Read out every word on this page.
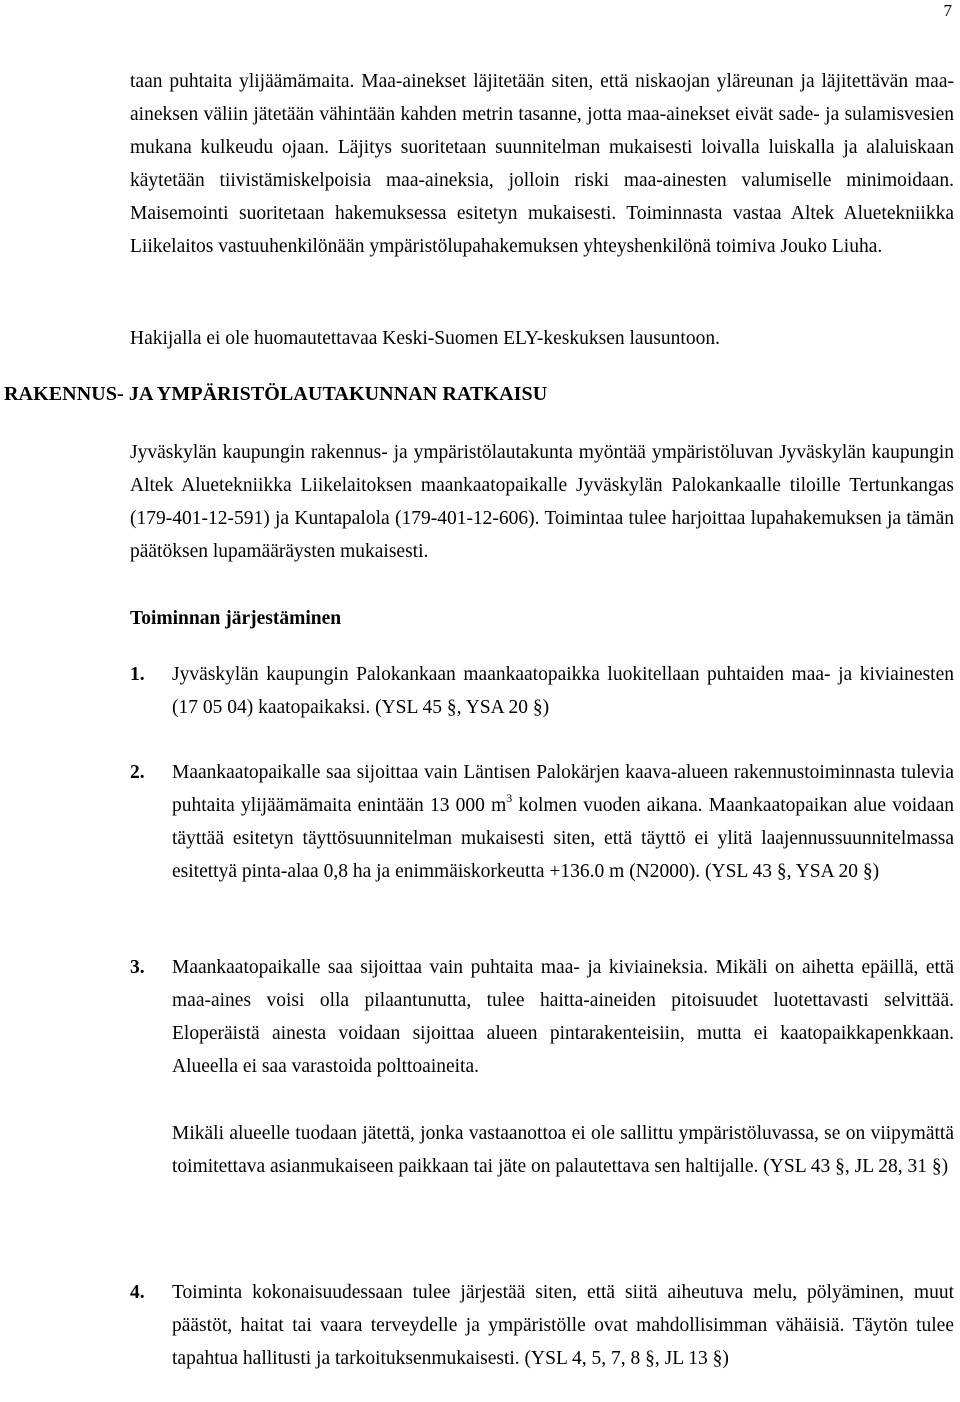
7

taan puhtaita ylijäämämaita. Maa-ainekset läjitetään siten, että niskaojan yläreunan ja läjitettävän maa-aineksen väliin jätetään vähintään kahden metrin tasanne, jotta maa-ainekset eivät sade- ja sulamisvesien mukana kulkeudu ojaan. Läjitys suoritetaan suunnitelman mukaisesti loivalla luiskalla ja alaluiskaan käytetään tiivistämiskelpoisia maa-aineksia, jolloin riski maa-ainesten valumiselle minimoidaan. Maisemointi suoritetaan hakemuksessa esitetyn mukaisesti. Toiminnasta vastaa Altek Aluetekniikka Liikelaitos vastuuhenkilönään ympäristölupahakemuksen yhteyshenkilönä toimiva Jouko Liuha.

Hakijalla ei ole huomautettavaa Keski-Suomen ELY-keskuksen lausuntoon.

RAKENNUS- JA YMPÄRISTÖLAUTAKUNNAN RATKAISU

Jyväskylän kaupungin rakennus- ja ympäristölautakunta myöntää ympäristöluvan Jyväskylän kaupungin Altek Aluetekniikka Liikelaitoksen maankaatopaikalle Jyväskylän Palokankaalle tiloille Tertunkangas (179-401-12-591) ja Kuntapalola (179-401-12-606). Toimintaa tulee harjoittaa lupahakemuksen ja tämän päätöksen lupamääräysten mukaisesti.

Toiminnan järjestäminen
1.	Jyväskylän kaupungin Palokankaan maankaatopaikka luokitellaan puhtaiden maa- ja kiviainesten (17 05 04) kaatopaikaksi. (YSL 45 §, YSA 20 §)

2.	Maankaatopaikalle saa sijoittaa vain Läntisen Palokärjen kaava-alueen rakennustoiminnasta tulevia puhtaita ylijäämämaita enintään 13 000 $m^3$ kolmen vuoden aikana. Maankaatopaikan alue voidaan täyttää esitetyn täyttösuunnitelman mukaisesti siten, että täyttö ei ylitä laajennussuunnitelmassa esitettyä pinta-alaa 0,8 ha ja enimmäiskorkeutta +136.0 m (N2000). (YSL 43 §, YSA 20 §)

3.	Maankaatopaikalle saa sijoittaa vain puhtaita maa- ja kiviaineksia. Mikäli on aihetta epäillä, että maa-aines voisi olla pilaantunutta, tulee haitta-aineiden pitoisuudet luotettavasti selvittää. Eloperäistä ainesta voidaan sijoittaa alueen pintarakenteisiin, mutta ei kaatopaikkapenkkaan. Alueella ei saa varastoida polttoaineita.

Mikäli alueelle tuodaan jätettä, jonka vastaanottoa ei ole sallittu ympäristöluvassa, se on viipymättä toimitettava asianmukaiseen paikkaan tai jäte on palautettava sen haltijalle. (YSL 43 §, JL 28, 31 §)

4.	Toiminta kokonaisuudessaan tulee järjestää siten, että siitä aiheutuva melu, pölyäminen, muut päästöt, haitat tai vaara terveydelle ja ympäristölle ovat mahdollisimman vähäisiä. Täytön tulee tapahtua hallitusti ja tarkoituksenmukaisesti. (YSL 4, 5, 7, 8 §, JL 13 §)
